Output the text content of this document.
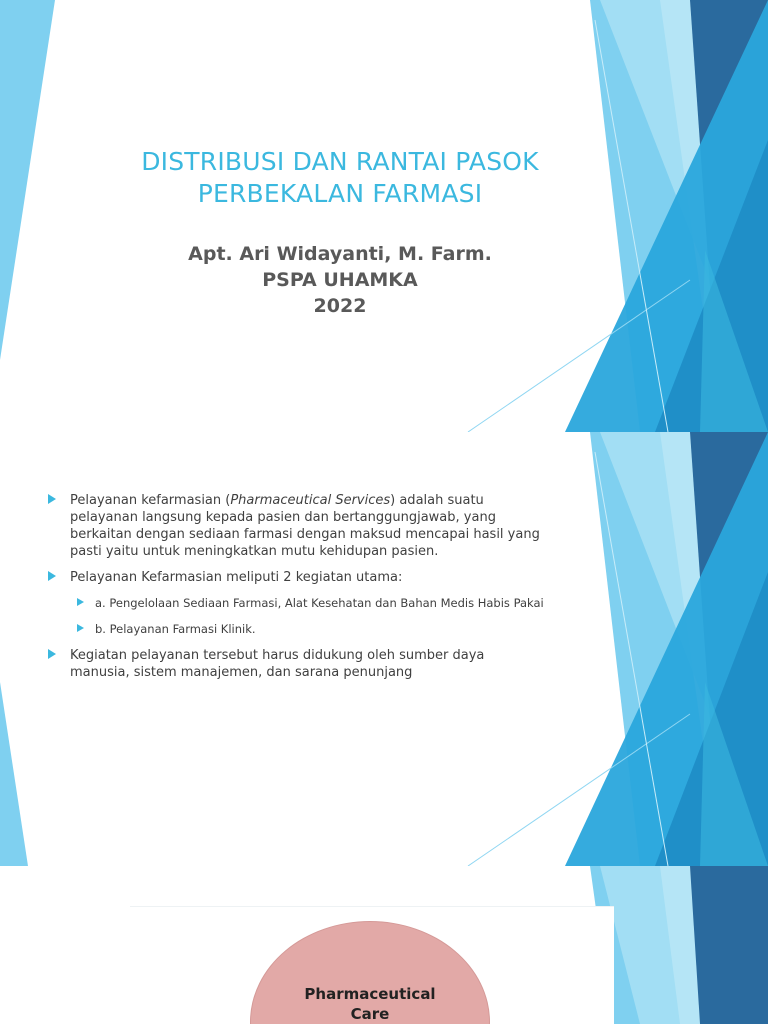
DISTRIBUSI DAN RANTAI PASOK
PERBEKALAN FARMASI
Apt. Ari Widayanti, M. Farm.
PSPA UHAMKA
2022
Pelayanan kefarmasian (Pharmaceutical Services) adalah suatu pelayanan langsung kepada pasien dan bertanggungjawab, yang berkaitan dengan sediaan farmasi dengan maksud mencapai hasil yang pasti yaitu untuk meningkatkan mutu kehidupan pasien.
Pelayanan Kefarmasian meliputi 2 kegiatan utama:
a. Pengelolaan Sediaan Farmasi, Alat Kesehatan dan Bahan Medis Habis Pakai
b. Pelayanan Farmasi Klinik.
Kegiatan pelayanan tersebut harus didukung oleh sumber daya manusia, sistem manajemen, dan sarana penunjang
Pharmaceutical
Care
